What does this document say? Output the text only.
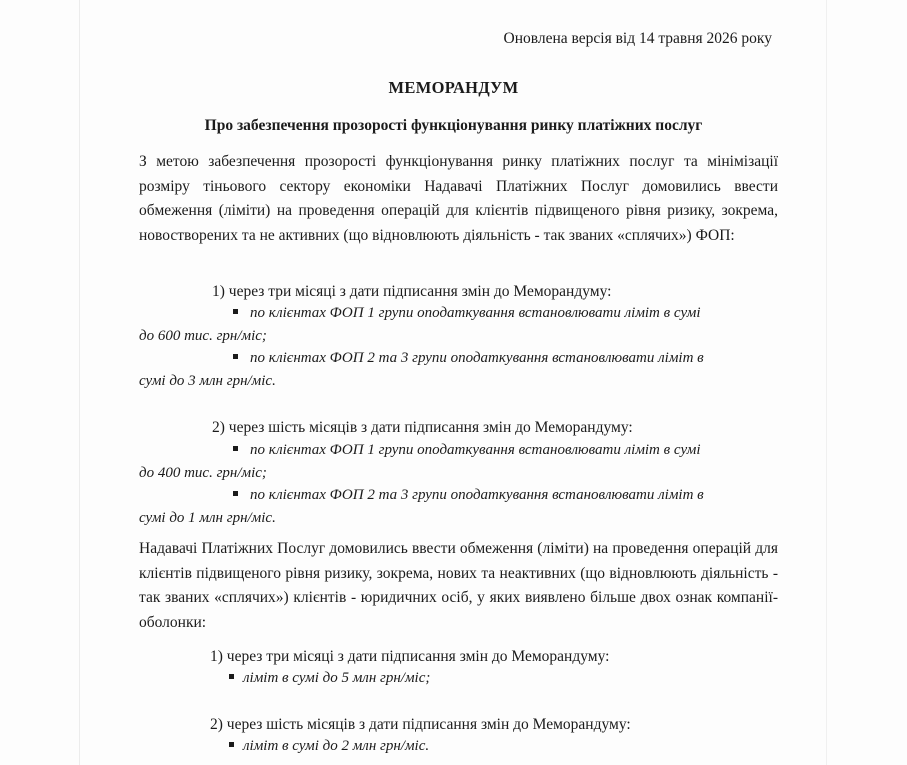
Оновлена версія від 14 травня 2026 року
МЕМОРАНДУМ
Про забезпечення прозорості функціонування ринку платіжних послуг
З метою забезпечення прозорості функціонування ринку платіжних послуг та мінімізації розміру тіньового сектору економіки Надавачі Платіжних Послуг домовились ввести обмеження (ліміти) на проведення операцій для клієнтів підвищеного рівня ризику, зокрема, новостворених та не активних (що відновлюють діяльність - так званих «сплячих») ФОП:
1) через три місяці з дати підписання змін до Меморандуму:
по клієнтах ФОП 1 групи оподаткування встановлювати ліміт в сумі
до 600 тис. грн/міс;
по клієнтах ФОП 2 та 3 групи оподаткування встановлювати ліміт в
сумі до 3 млн грн/міс.
2) через шість місяців з дати підписання змін до Меморандуму:
по клієнтах ФОП 1 групи оподаткування встановлювати ліміт в сумі
до 400 тис. грн/міс;
по клієнтах ФОП 2 та 3 групи оподаткування встановлювати ліміт в
сумі до 1 млн грн/міс.
Надавачі Платіжних Послуг домовились ввести обмеження (ліміти) на проведення операцій для клієнтів підвищеного рівня ризику, зокрема, нових та неактивних (що відновлюють діяльність - так званих «сплячих») клієнтів - юридичних осіб, у яких виявлено більше двох ознак компанії-оболонки:
1) через три місяці з дати підписання змін до Меморандуму:
ліміт в сумі до 5 млн грн/міс;
2) через шість місяців з дати підписання змін до Меморандуму:
ліміт в сумі до 2 млн грн/міс.
